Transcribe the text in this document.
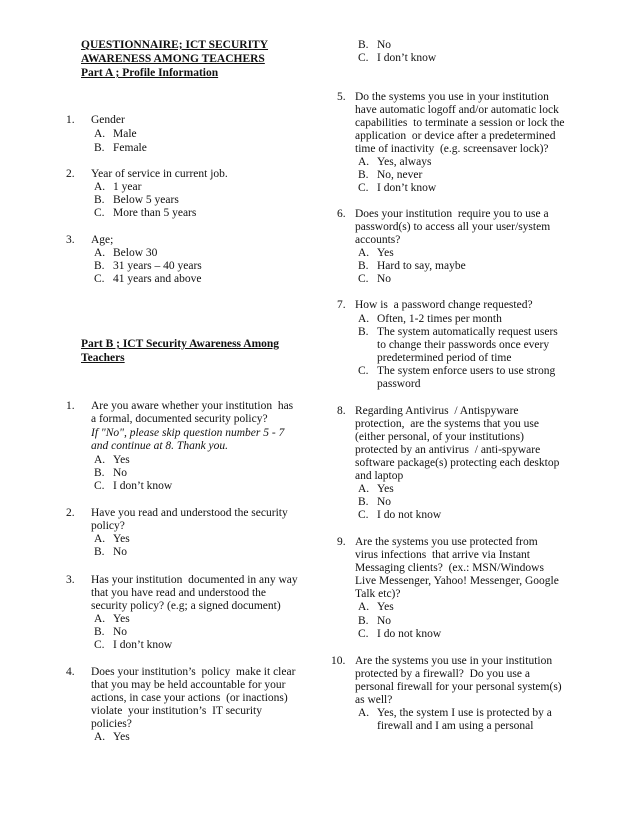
QUESTIONNAIRE; ICT SECURITY
AWARENESS AMONG TEACHERS
Part A ; Profile Information
1. Gender
A. Male
B. Female
2. Year of service in current job.
A. 1 year
B. Below 5 years
C. More than 5 years
3. Age;
A. Below 30
B. 31 years – 40 years
C. 41 years and above
Part B ; ICT Security Awareness Among
Teachers
1. Are you aware whether your institution  has
a formal, documented security policy?
If "No", please skip question number 5 - 7
and continue at 8. Thank you.
A. Yes
B. No
C. I don’t know
2. Have you read and understood the security
policy?
A. Yes
B. No
3. Has your institution  documented in any way
that you have read and understood the
security policy? (e.g; a signed document)
A. Yes
B. No
C. I don’t know
4. Does your institution’s  policy  make it clear
that you may be held accountable for your
actions, in case your actions  (or inactions)
violate  your institution’s  IT security
policies?
A. Yes
B. No
C. I don’t know
5. Do the systems you use in your institution
have automatic logoff and/or automatic lock
capabilities  to terminate a session or lock the
application  or device after a predetermined
time of inactivity  (e.g. screensaver lock)?
A. Yes, always
B. No, never
C. I don’t know
6. Does your institution  require you to use a
password(s) to access all your user/system
accounts?
A. Yes
B. Hard to say, maybe
C. No
7. How is  a password change requested?
A. Often, 1-2 times per month
B. The system automatically request users
to change their passwords once every
predetermined period of time
C. The system enforce users to use strong
password
8. Regarding Antivirus  / Antispyware
protection,  are the systems that you use
(either personal, of your institutions)
protected by an antivirus  / anti-spyware
software package(s) protecting each desktop
and laptop
A. Yes
B. No
C. I do not know
9. Are the systems you use protected from
virus infections  that arrive via Instant
Messaging clients?  (ex.: MSN/Windows
Live Messenger, Yahoo! Messenger, Google
Talk etc)?
A. Yes
B. No
C. I do not know
10. Are the systems you use in your institution
protected by a firewall?  Do you use a
personal firewall for your personal system(s)
as well?
A. Yes, the system I use is protected by a
firewall and I am using a personal
